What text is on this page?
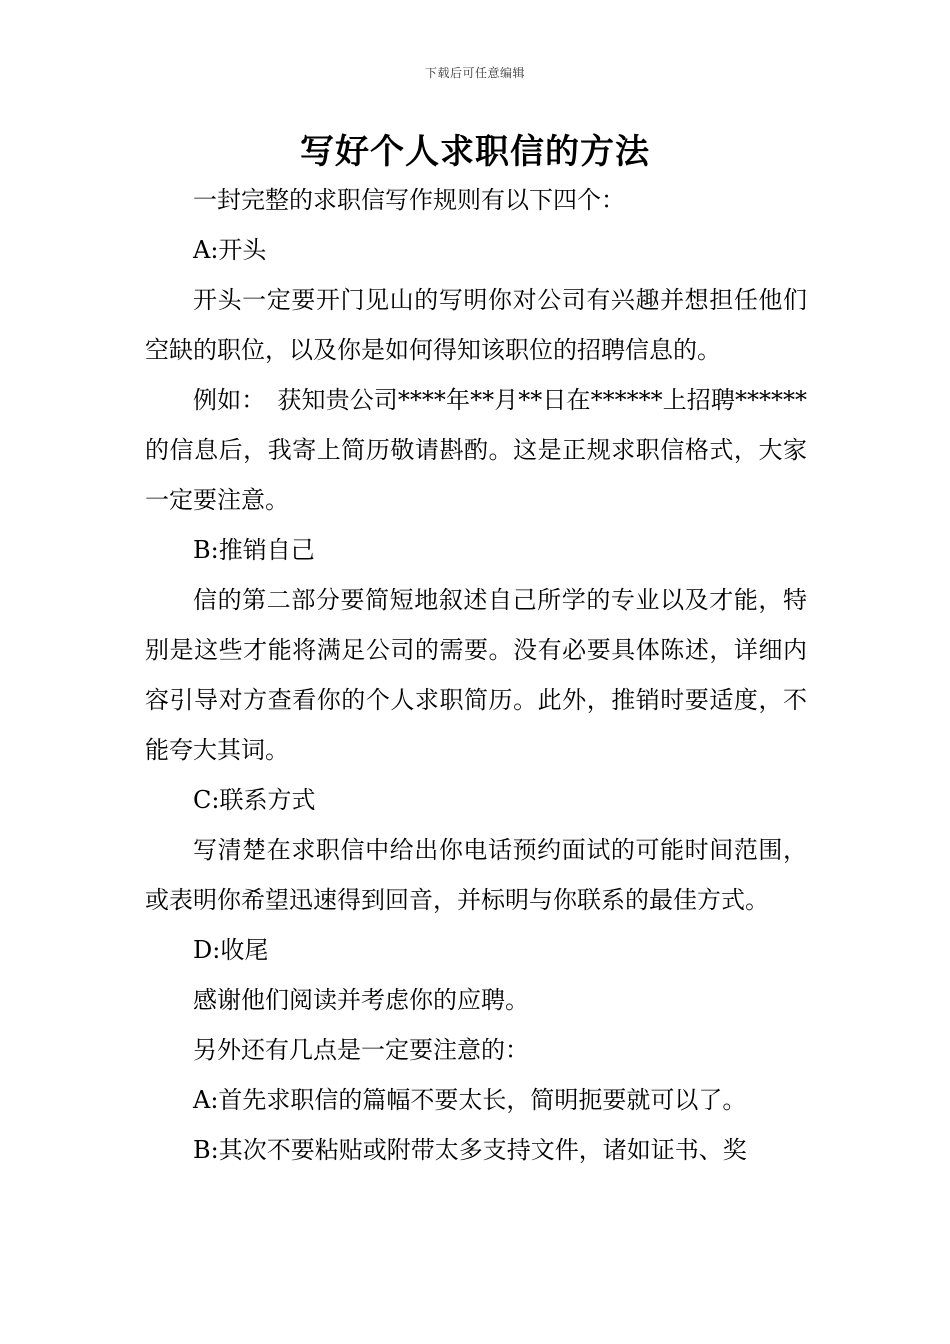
下载后可任意编辑
写好个人求职信的方法

一封完整的求职信写作规则有以下四个：

A:开头

开头一定要开门见山的写明你对公司有兴趣并想担任他们空缺的职位，以及你是如何得知该职位的招聘信息的。

例如：　获知贵公司****年**月**日在******上招聘******的信息后，我寄上简历敬请斟酌。这是正规求职信格式，大家一定要注意。

B:推销自己

信的第二部分要简短地叙述自己所学的专业以及才能，特别是这些才能将满足公司的需要。没有必要具体陈述，详细内容引导对方查看你的个人求职简历。此外，推销时要适度，不能夸大其词。

C:联系方式

写清楚在求职信中给出你电话预约面试的可能时间范围，或表明你希望迅速得到回音，并标明与你联系的最佳方式。

D:收尾

感谢他们阅读并考虑你的应聘。

另外还有几点是一定要注意的：

A:首先求职信的篇幅不要太长，简明扼要就可以了。

B:其次不要粘贴或附带太多支持文件，诸如证书、奖
